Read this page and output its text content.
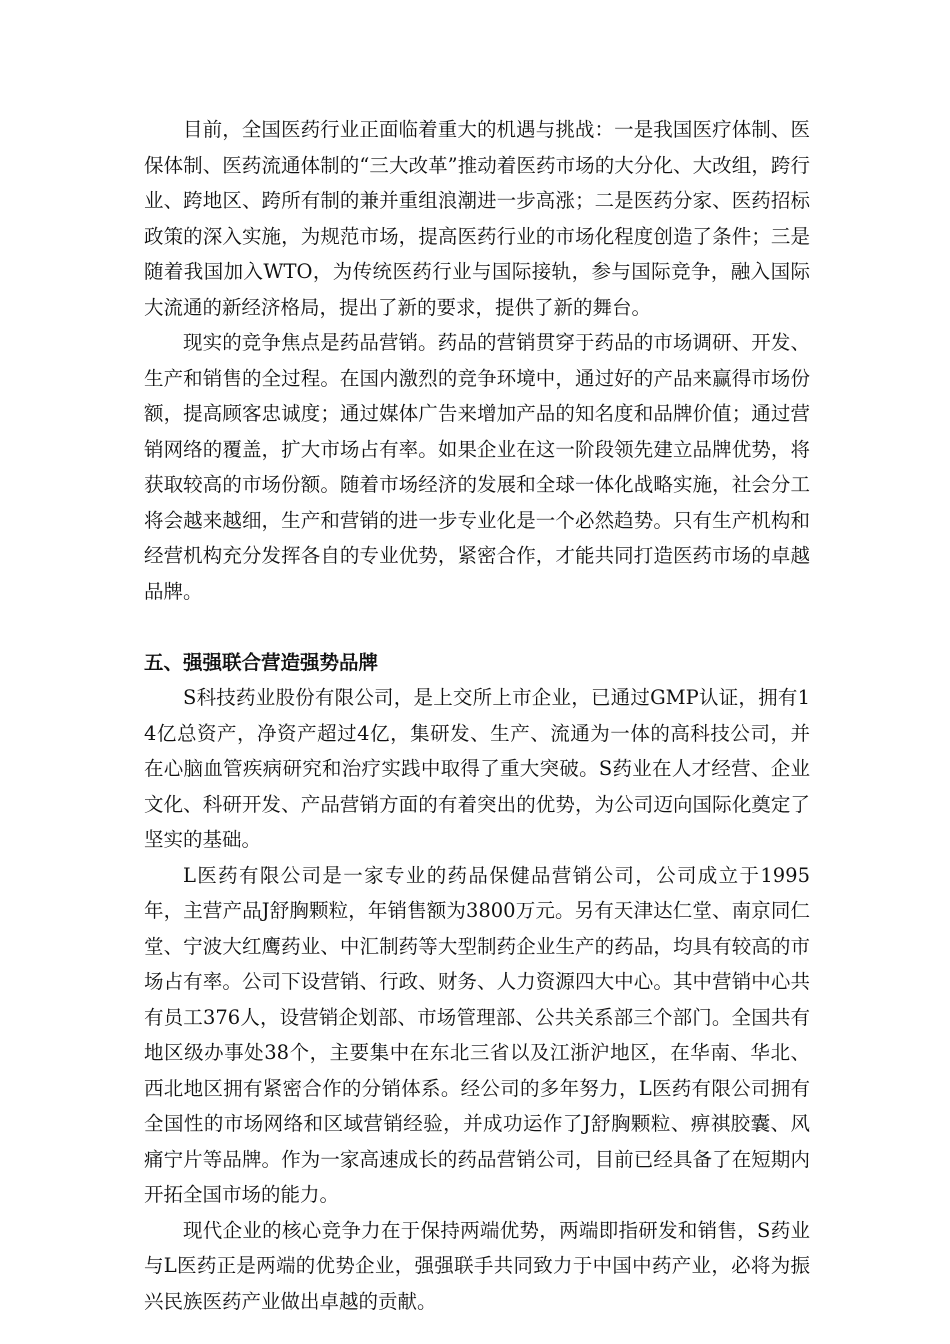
目前，全国医药行业正面临着重大的机遇与挑战：一是我国医疗体制、医保体制、医药流通体制的“三大改革”推动着医药市场的大分化、大改组，跨行业、跨地区、跨所有制的兼并重组浪潮进一步高涨；二是医药分家、医药招标政策的深入实施，为规范市场，提高医药行业的市场化程度创造了条件；三是随着我国加入WTO，为传统医药行业与国际接轨，参与国际竞争，融入国际大流通的新经济格局，提出了新的要求，提供了新的舞台。

现实的竞争焦点是药品营销。药品的营销贯穿于药品的市场调研、开发、生产和销售的全过程。在国内激烈的竞争环境中，通过好的产品来赢得市场份额，提高顾客忠诚度；通过媒体广告来增加产品的知名度和品牌价值；通过营销网络的覆盖，扩大市场占有率。如果企业在这一阶段领先建立品牌优势，将获取较高的市场份额。随着市场经济的发展和全球一体化战略实施，社会分工将会越来越细，生产和营销的进一步专业化是一个必然趋势。只有生产机构和经营机构充分发挥各自的专业优势，紧密合作，才能共同打造医药市场的卓越品牌。

五、强强联合营造强势品牌

S科技药业股份有限公司，是上交所上市企业，已通过GMP认证，拥有14亿总资产，净资产超过4亿，集研发、生产、流通为一体的高科技公司，并在心脑血管疾病研究和治疗实践中取得了重大突破。S药业在人才经营、企业文化、科研开发、产品营销方面的有着突出的优势，为公司迈向国际化奠定了坚实的基础。

L医药有限公司是一家专业的药品保健品营销公司，公司成立于1995年，主营产品J舒胸颗粒，年销售额为3800万元。另有天津达仁堂、南京同仁堂、宁波大红鹰药业、中汇制药等大型制药企业生产的药品，均具有较高的市场占有率。公司下设营销、行政、财务、人力资源四大中心。其中营销中心共有员工376人，设营销企划部、市场管理部、公共关系部三个部门。全国共有地区级办事处38个，主要集中在东北三省以及江浙沪地区，在华南、华北、西北地区拥有紧密合作的分销体系。经公司的多年努力，L医药有限公司拥有全国性的市场网络和区域营销经验，并成功运作了J舒胸颗粒、痹祺胶囊、风痛宁片等品牌。作为一家高速成长的药品营销公司，目前已经具备了在短期内开拓全国市场的能力。

现代企业的核心竞争力在于保持两端优势，两端即指研发和销售，S药业与L医药正是两端的优势企业，强强联手共同致力于中国中药产业，必将为振兴民族医药产业做出卓越的贡献。
